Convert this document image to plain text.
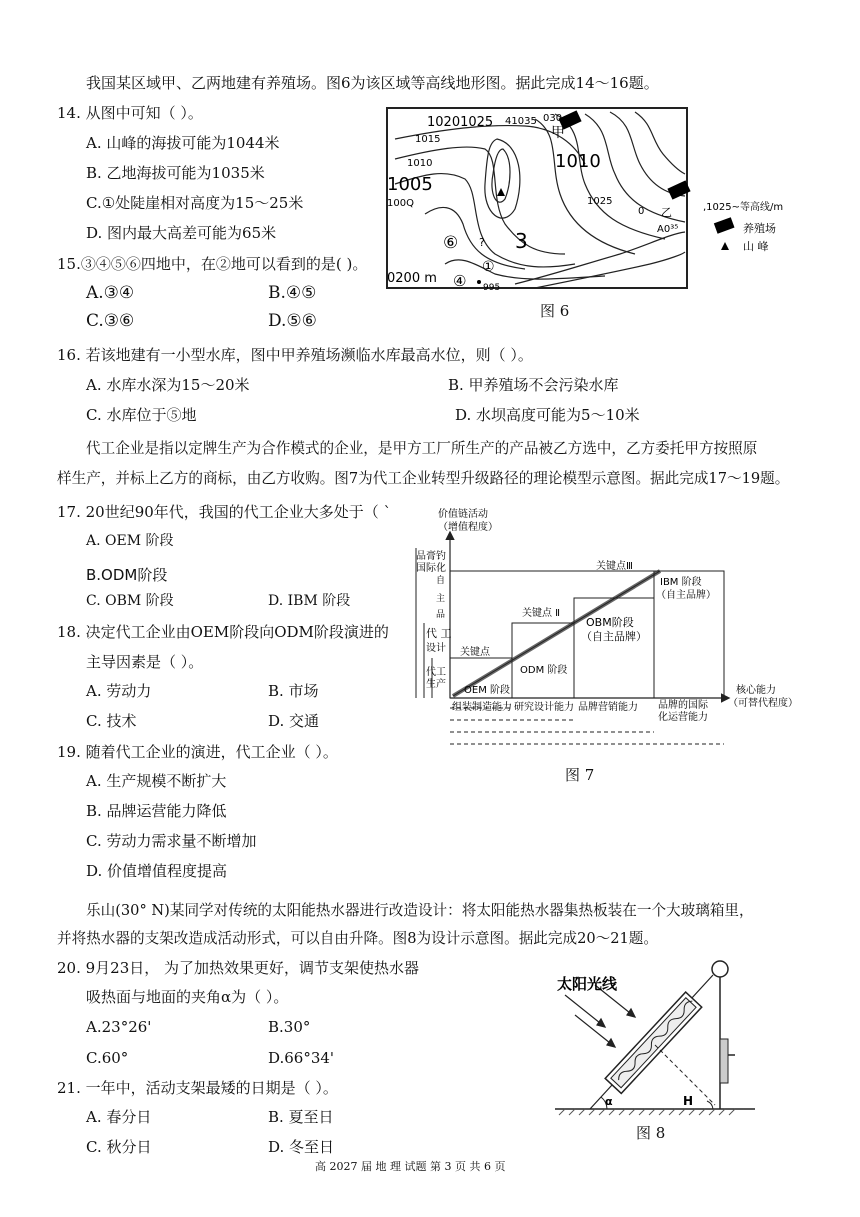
我国某区域甲、乙两地建有养殖场。图6为该区域等高线地形图。据此完成14～16题。
14. 从图中可知（ ）。
A. 山峰的海拔可能为1044米
B. 乙地海拔可能为1035米
C.①处陡崖相对高度为15～25米
D. 图内最大高差可能为65米
15.③④⑤⑥四地中，在②地可以看到的是( )。
A.③④	B.④⑤
C.③⑥	D.⑤⑥
10201025 41035 030
甲
1015
1010
1010
1005
100Q	1025
0 乙
A0³⁵
⑥ ? 3
①
0200 m ④ 995
,1025~等高线/m
养殖场
山 峰
图 6
16. 若该地建有一小型水库，图中甲养殖场濒临水库最高水位，则（ ）。
A. 水库水深为15～20米	B. 甲养殖场不会污染水库
C. 水库位于⑤地	D. 水坝高度可能为5～10米
代工企业是指以定牌生产为合作模式的企业，是甲方工厂所生产的产品被乙方选中，乙方委托甲方按照原
样生产，并标上乙方的商标，由乙方收购。图7为代工企业转型升级路径的理论模型示意图。据此完成17～19题。
17. 20世纪90年代，我国的代工企业大多处于（ `
A. OEM 阶段
B.ODM阶段
C. OBM 阶段	D. IBM 阶段
18. 决定代工企业由OEM阶段向ODM阶段演进的
主导因素是（ ）。
A. 劳动力	B. 市场
C. 技术	D. 交通
19. 随着代工企业的演进，代工企业（ ）。
A. 生产规模不断扩大
B. 品牌运营能力降低
C. 劳动力需求量不断增加
D. 价值增值程度提高
价值链活动
（增值程度）
核心能力
（可替代程度）
品膏钓
国际化
自
主
品
代 工
设计
代工
生产
关键点Ⅲ
关键点 Ⅱ
关键点
IBM 阶段
（自主品牌）
OBM阶段
（自主品牌）
ODM 阶段
OEM 阶段
组装制造能力 研究设计能力 品牌营销能力 品牌的国际
化运营能力
图 7
乐山(30° N)某同学对传统的太阳能热水器进行改造设计：将太阳能热水器集热板装在一个大玻璃箱里，
并将热水器的支架改造成活动形式，可以自由升降。图8为设计示意图。据此完成20～21题。
20. 9月23日， 为了加热效果更好，调节支架使热水器
吸热面与地面的夹角α为（ ）。
A.23°26'	B.30°
C.60°	D.66°34'
21. 一年中，活动支架最矮的日期是（ ）。
A. 春分日	B. 夏至日
C. 秋分日	D. 冬至日
太阳光线
α	H
图 8
高 2027 届 地 理 试题 第 3 页 共 6 页
